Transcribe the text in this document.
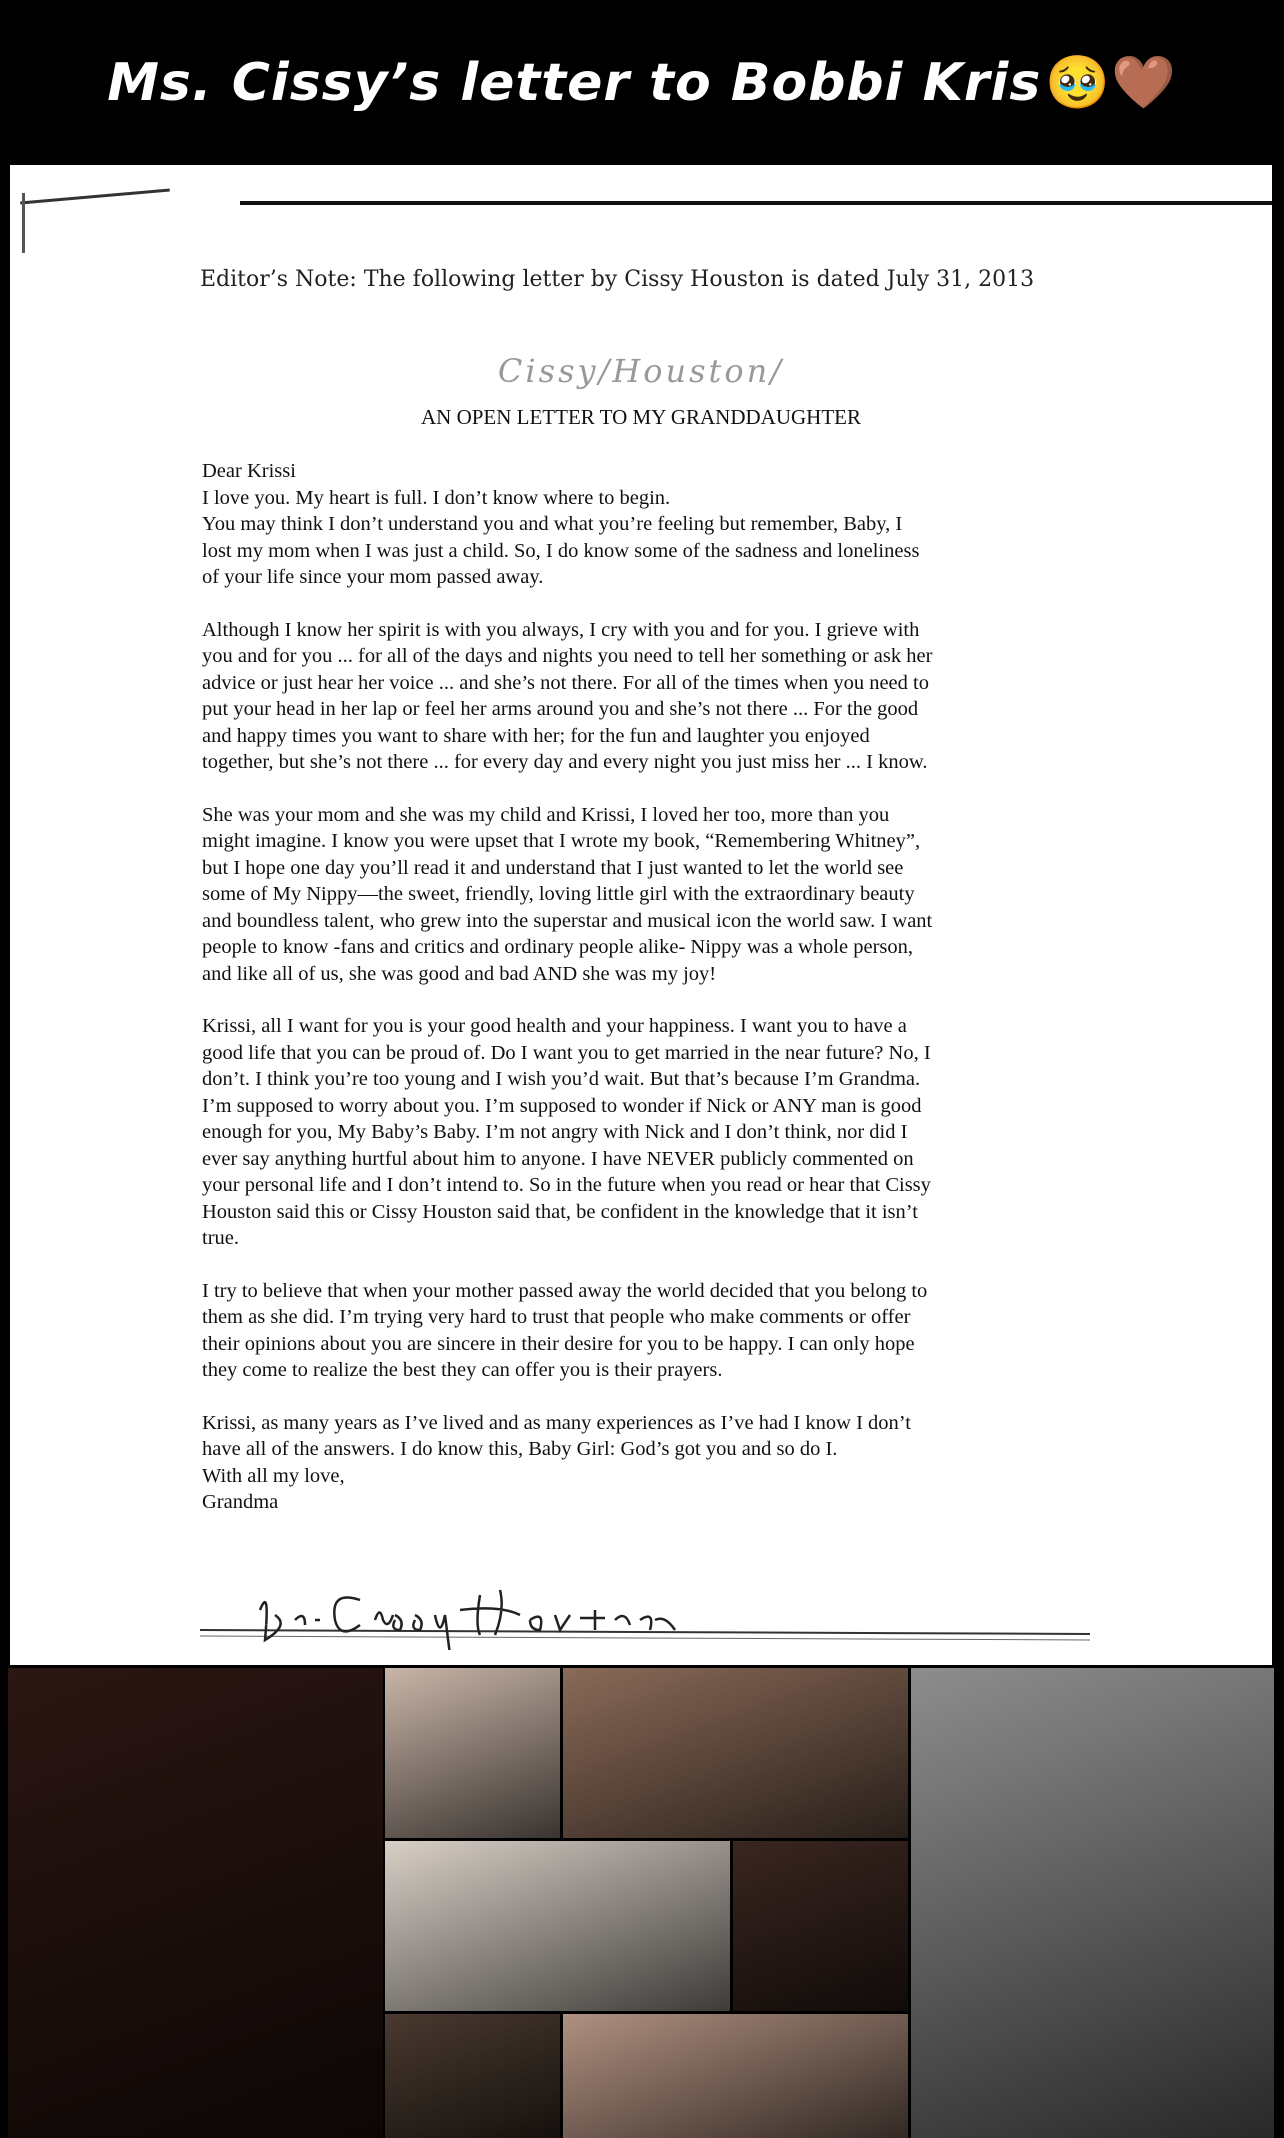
Ms. Cissy’s letter to Bobbi Kris 🥹🤎
Editor’s Note: The following letter by Cissy Houston is dated July 31, 2013
Cissy/Houston/
AN OPEN LETTER TO MY GRANDDAUGHTER

Dear Krissi
I love you. My heart is full. I don’t know where to begin.
You may think I don’t understand you and what you’re feeling but remember, Baby, I
lost my mom when I was just a child. So, I do know some of the sadness and loneliness
of your life since your mom passed away.

Although I know her spirit is with you always, I cry with you and for you. I grieve with
you and for you ... for all of the days and nights you need to tell her something or ask her
advice or just hear her voice ... and she’s not there. For all of the times when you need to
put your head in her lap or feel her arms around you and she’s not there ... For the good
and happy times you want to share with her; for the fun and laughter you enjoyed
together, but she’s not there ... for every day and every night you just miss her ... I know.

She was your mom and she was my child and Krissi, I loved her too, more than you
might imagine. I know you were upset that I wrote my book, “Remembering Whitney”,
but I hope one day you’ll read it and understand that I just wanted to let the world see
some of My Nippy—the sweet, friendly, loving little girl with the extraordinary beauty
and boundless talent, who grew into the superstar and musical icon the world saw. I want
people to know -fans and critics and ordinary people alike- Nippy was a whole person,
and like all of us, she was good and bad AND she was my joy!

Krissi, all I want for you is your good health and your happiness. I want you to have a
good life that you can be proud of. Do I want you to get married in the near future? No, I
don’t. I think you’re too young and I wish you’d wait. But that’s because I’m Grandma.
I’m supposed to worry about you. I’m supposed to wonder if Nick or ANY man is good
enough for you, My Baby’s Baby. I’m not angry with Nick and I don’t think, nor did I
ever say anything hurtful about him to anyone. I have NEVER publicly commented on
your personal life and I don’t intend to. So in the future when you read or hear that Cissy
Houston said this or Cissy Houston said that, be confident in the knowledge that it isn’t
true.

I try to believe that when your mother passed away the world decided that you belong to
them as she did. I’m trying very hard to trust that people who make comments or offer
their opinions about you are sincere in their desire for you to be happy. I can only hope
they come to realize the best they can offer you is their prayers.

Krissi, as many years as I’ve lived and as many experiences as I’ve had I know I don’t
have all of the answers. I do know this, Baby Girl: God’s got you and so do I.
With all my love,
Grandma

Dr. Cissy Houston
